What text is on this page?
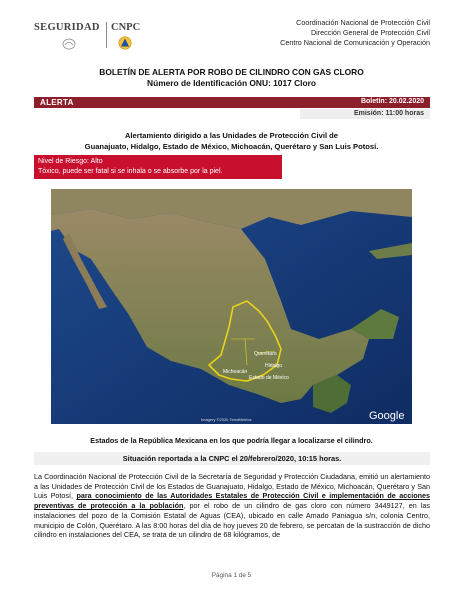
SEGURIDAD CNPC	Coordinación Nacional de Protección Civil
Dirección General de Protección Civil
Centro Nacional de Comunicación y Operación
BOLETÍN DE ALERTA POR ROBO DE CILINDRO CON GAS CLORO
Número de Identificación ONU: 1017 Cloro
ALERTA	Boletín: 20.02.2020
Emisión: 11:00 horas
Alertamiento dirigido a las Unidades de Protección Civil de
Guanajuato, Hidalgo, Estado de México, Michoacán, Querétaro y San Luis Potosí.
Nivel de Riesgo: Alto
Tóxico, puede ser fatal si se inhala o se absorbe por la piel.
Querétaro
Michoacán
Hidalgo
Estado de México
Google
Imagery ©2020 TerraMetrics
Estados de la República Mexicana en los que podría llegar a localizarse el cilindro.
Situación reportada a la CNPC el 20/febrero/2020, 10:15 horas.
La Coordinación Nacional de Protección Civil de la Secretaría de Seguridad y Protección Ciudadana, emitió un alertamiento a las Unidades de Protección Civil de los Estados de Guanajuato, Hidalgo, Estado de México, Michoacán, Querétaro y San Luis Potosí, para conocimiento de las Autoridades Estatales de Protección Civil e implementación de acciones preventivas de protección a la población, por el robo de un cilindro de gas cloro con número 3449127, en las instalaciones del pozo de la Comisión Estatal de Aguas (CEA), ubicado en calle Amado Paniagua s/n, colonia Centro, municipio de Colón, Querétaro. A las 8:00 horas del día de hoy jueves 20 de febrero, se percatan de la sustracción de dicho cilindro en instalaciones del CEA, se trata de un cilindro de 68 kilógramos, de
Página 1 de 5
